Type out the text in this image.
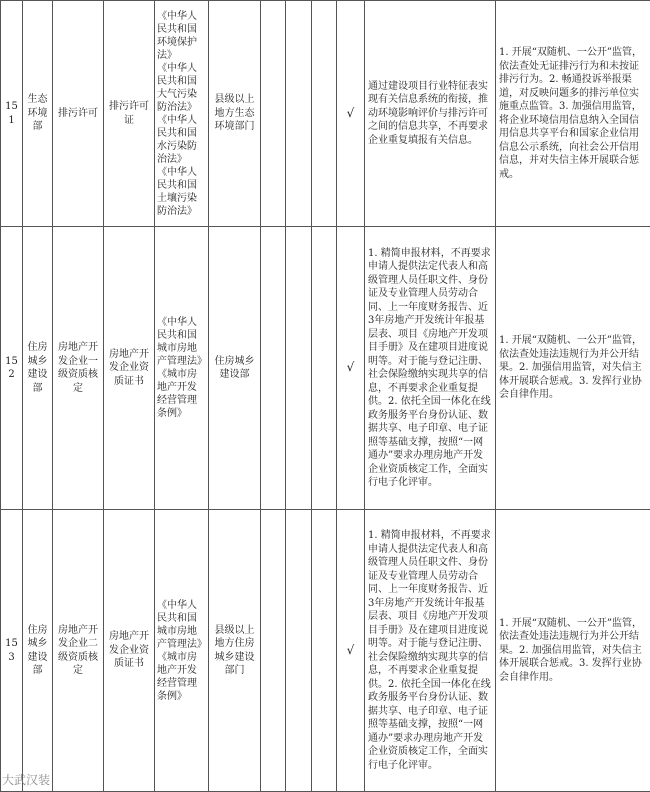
151	生态环境部	排污许可	排污许可证	《中华人民共和国环境保护法》
《中华人民共和国大气污染防治法》
《中华人民共和国水污染防治法》
《中华人民共和国土壤污染防治法》	县级以上地方生态环境部门				√	通过建设项目行业特征表实现有关信息系统的衔接，推动环境影响评价与排污许可之间的信息共享，不再要求企业重复填报有关信息。	1. 开展“双随机、一公开”监管，依法查处无证排污行为和未按证排污行为。2. 畅通投诉举报渠道，对反映问题多的排污单位实施重点监管。3. 加强信用监管，将企业环境信用信息纳入全国信用信息共享平台和国家企业信用信息公示系统，向社会公开信用信息，并对失信主体开展联合惩戒。
152	住房城乡建设部	房地产开发企业一级资质核定	房地产开发企业资质证书	《中华人民共和国城市房地产管理法》
《城市房地产开发经营管理条例》	住房城乡建设部				√	1. 精简申报材料，不再要求申请人提供法定代表人和高级管理人员任职文件、身份证及专业管理人员劳动合同、上一年度财务报告、近3年房地产开发统计年报基层表、项目《房地产开发项目手册》及在建项目进度说明等。对于能与登记注册、社会保险缴纳实现共享的信息，不再要求企业重复提供。2. 依托全国一体化在线政务服务平台身份认证、数据共享、电子印章、电子证照等基础支撑，按照“一网通办”要求办理房地产开发企业资质核定工作，全面实行电子化评审。	1. 开展“双随机、一公开”监管，依法查处违法违规行为并公开结果。2. 加强信用监管，对失信主体开展联合惩戒。3. 发挥行业协会自律作用。
153	住房城乡建设部	房地产开发企业二级资质核定	房地产开发企业资质证书	《中华人民共和国城市房地产管理法》
《城市房地产开发经营管理条例》	县级以上地方住房城乡建设部门				√	1. 精简申报材料，不再要求申请人提供法定代表人和高级管理人员任职文件、身份证及专业管理人员劳动合同、上一年度财务报告、近3年房地产开发统计年报基层表、项目《房地产开发项目手册》及在建项目进度说明等。对于能与登记注册、社会保险缴纳实现共享的信息，不再要求企业重复提供。2. 依托全国一体化在线政务服务平台身份认证、数据共享、电子印章、电子证照等基础支撑，按照“一网通办”要求办理房地产开发企业资质核定工作，全面实行电子化评审。	1. 开展“双随机、一公开”监管，依法查处违法违规行为并公开结果。2. 加强信用监管，对失信主体开展联合惩戒。3. 发挥行业协会自律作用。
大武汉装
